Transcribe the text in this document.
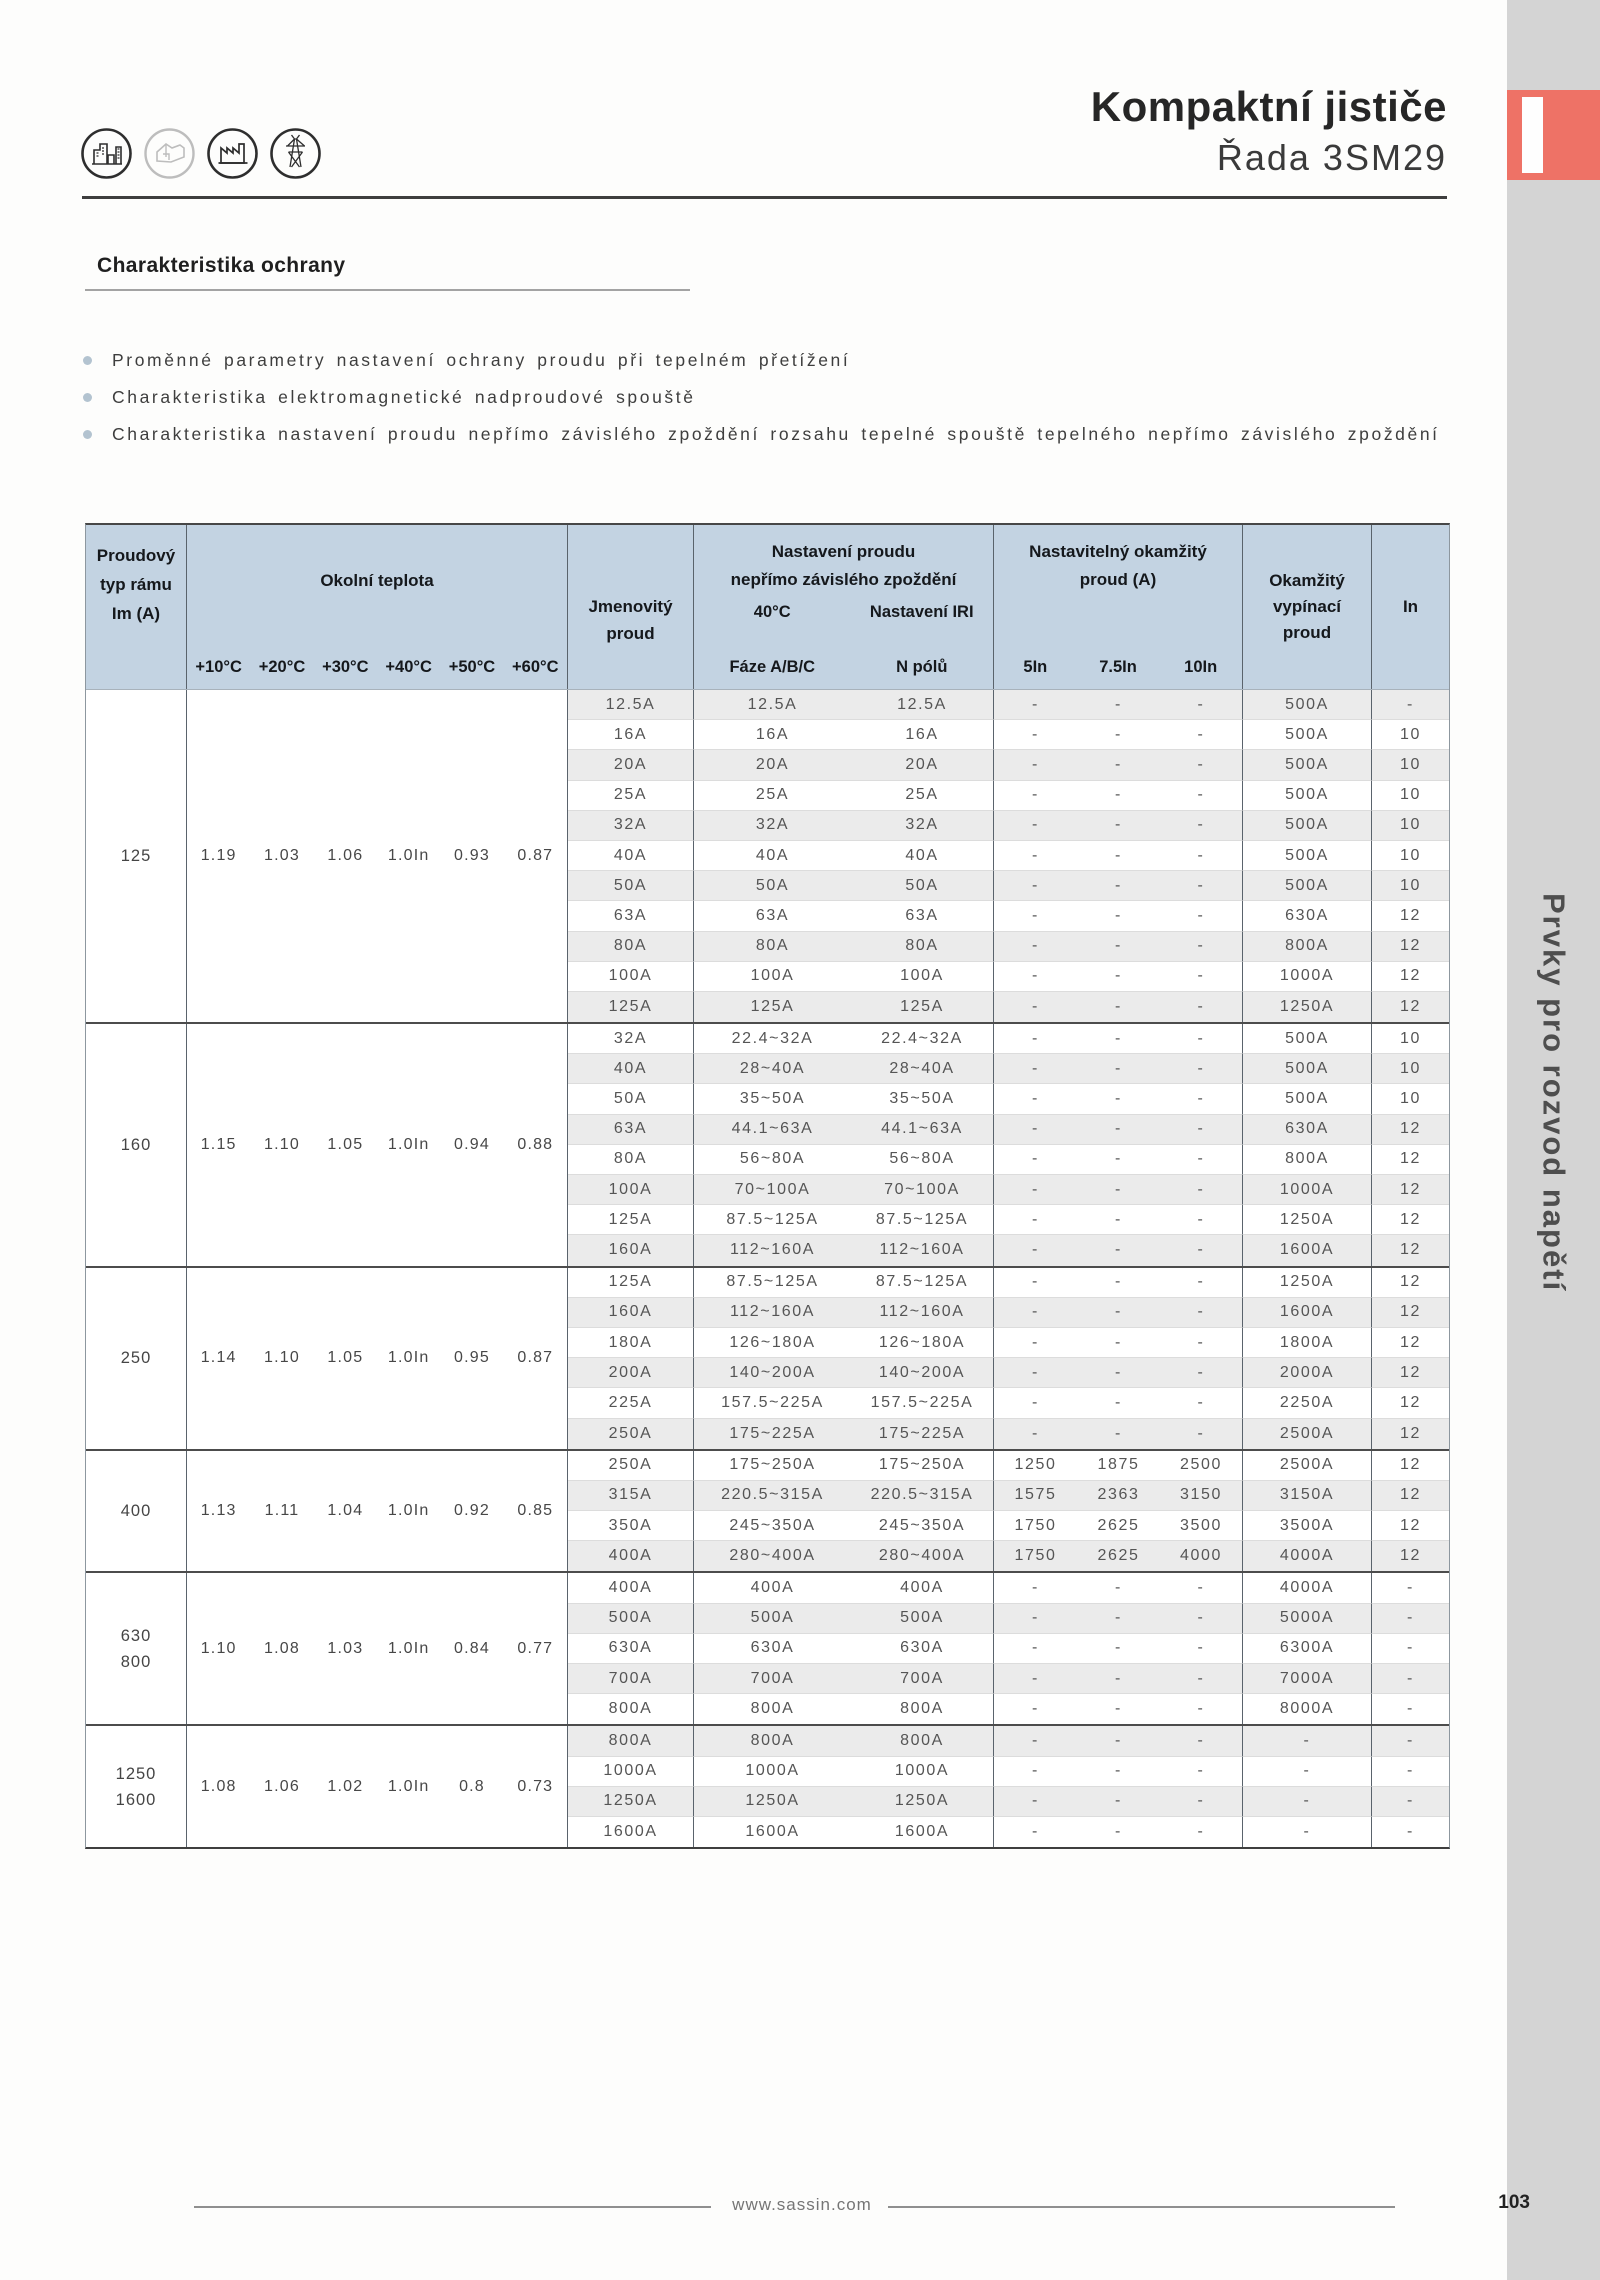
Prvky pro rozvod napětí
Kompaktní jističe
Řada 3SM29
Charakteristika ochrany
Proměnné parametry nastavení ochrany proudu při tepelném přetížení
Charakteristika elektromagnetické nadproudové spouště
Charakteristika nastavení proudu nepřímo závislého zpoždění rozsahu tepelné spouště tepelného nepřímo závislého zpoždění
Proudový
typ rámu
Im (A)
Okolní teplota
+10°C	+20°C	+30°C	+40°C	+50°C	+60°C
Jmenovitý
proud
Nastavení proudu
nepřímo závislého zpoždění
40°C	Nastavení IRI
Fáze A/B/C	N pólů
Nastavitelný okamžitý
proud (A)
5In	7.5In	10In
Okamžitý
vypínací
proud
In
125	1.19	1.03	1.06	1.0In	0.93	0.87
12.5A	12.5A	12.5A	-	-	-	500A	-
16A	16A	16A	-	-	-	500A	10
20A	20A	20A	-	-	-	500A	10
25A	25A	25A	-	-	-	500A	10
32A	32A	32A	-	-	-	500A	10
40A	40A	40A	-	-	-	500A	10
50A	50A	50A	-	-	-	500A	10
63A	63A	63A	-	-	-	630A	12
80A	80A	80A	-	-	-	800A	12
100A	100A	100A	-	-	-	1000A	12
125A	125A	125A	-	-	-	1250A	12
160	1.15	1.10	1.05	1.0In	0.94	0.88
32A	22.4~32A	22.4~32A	-	-	-	500A	10
40A	28~40A	28~40A	-	-	-	500A	10
50A	35~50A	35~50A	-	-	-	500A	10
63A	44.1~63A	44.1~63A	-	-	-	630A	12
80A	56~80A	56~80A	-	-	-	800A	12
100A	70~100A	70~100A	-	-	-	1000A	12
125A	87.5~125A	87.5~125A	-	-	-	1250A	12
160A	112~160A	112~160A	-	-	-	1600A	12
250	1.14	1.10	1.05	1.0In	0.95	0.87
125A	87.5~125A	87.5~125A	-	-	-	1250A	12
160A	112~160A	112~160A	-	-	-	1600A	12
180A	126~180A	126~180A	-	-	-	1800A	12
200A	140~200A	140~200A	-	-	-	2000A	12
225A	157.5~225A	157.5~225A	-	-	-	2250A	12
250A	175~225A	175~225A	-	-	-	2500A	12
400	1.13	1.11	1.04	1.0In	0.92	0.85
250A	175~250A	175~250A	1250	1875	2500	2500A	12
315A	220.5~315A	220.5~315A	1575	2363	3150	3150A	12
350A	245~350A	245~350A	1750	2625	3500	3500A	12
400A	280~400A	280~400A	1750	2625	4000	4000A	12
630
800
1.10	1.08	1.03	1.0In	0.84	0.77
400A	400A	400A	-	-	-	4000A	-
500A	500A	500A	-	-	-	5000A	-
630A	630A	630A	-	-	-	6300A	-
700A	700A	700A	-	-	-	7000A	-
800A	800A	800A	-	-	-	8000A	-
1250
1600
1.08	1.06	1.02	1.0In	0.8	0.73
800A	800A	800A	-	-	-	-	-
1000A	1000A	1000A	-	-	-	-	-
1250A	1250A	1250A	-	-	-	-	-
1600A	1600A	1600A	-	-	-	-	-
www.sassin.com	103
